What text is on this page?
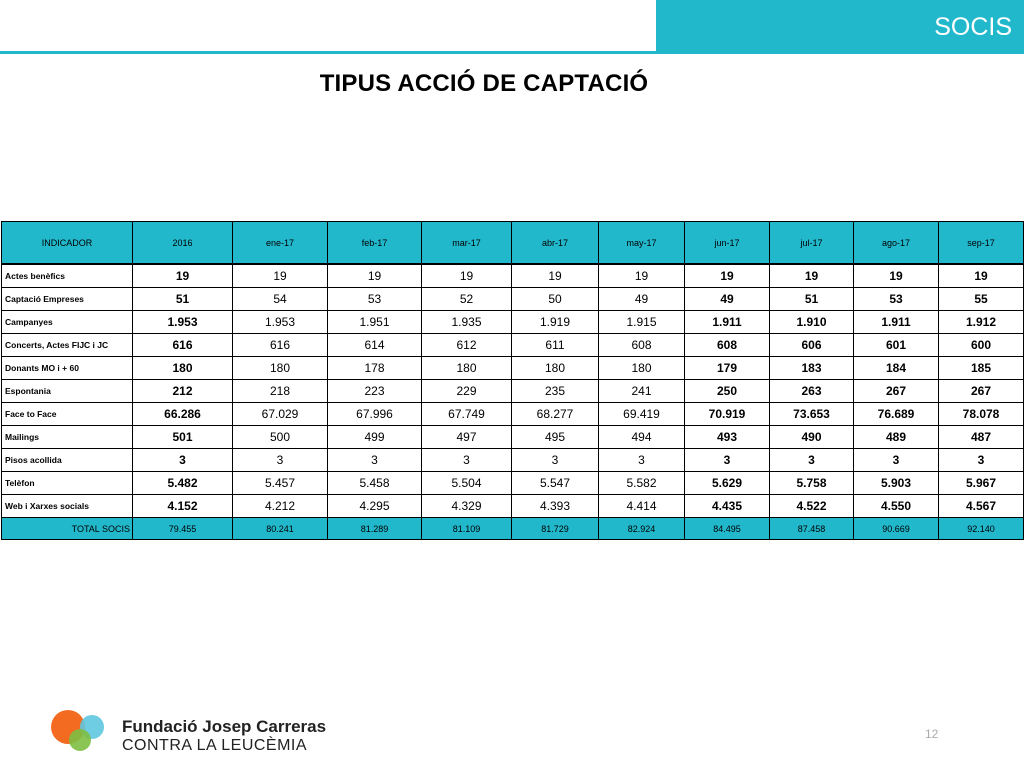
SOCIS
TIPUS ACCIÓ DE CAPTACIÓ
INDICADOR	2016	ene-17	feb-17	mar-17	abr-17	may-17	jun-17	jul-17	ago-17	sep-17
Actes benèfics	19	19	19	19	19	19	19	19	19	19
Captació Empreses	51	54	53	52	50	49	49	51	53	55
Campanyes	1.953	1.953	1.951	1.935	1.919	1.915	1.911	1.910	1.911	1.912
Concerts, Actes FIJC i JC	616	616	614	612	611	608	608	606	601	600
Donants MO i + 60	180	180	178	180	180	180	179	183	184	185
Espontania	212	218	223	229	235	241	250	263	267	267
Face to Face	66.286	67.029	67.996	67.749	68.277	69.419	70.919	73.653	76.689	78.078
Mailings	501	500	499	497	495	494	493	490	489	487
Pisos acollida	3	3	3	3	3	3	3	3	3	3
Telèfon	5.482	5.457	5.458	5.504	5.547	5.582	5.629	5.758	5.903	5.967
Web i Xarxes socials	4.152	4.212	4.295	4.329	4.393	4.414	4.435	4.522	4.550	4.567
TOTAL SOCIS	79.455	80.241	81.289	81.109	81.729	82.924	84.495	87.458	90.669	92.140
Fundació Josep Carreras
CONTRA LA LEUCÈMIA
12
